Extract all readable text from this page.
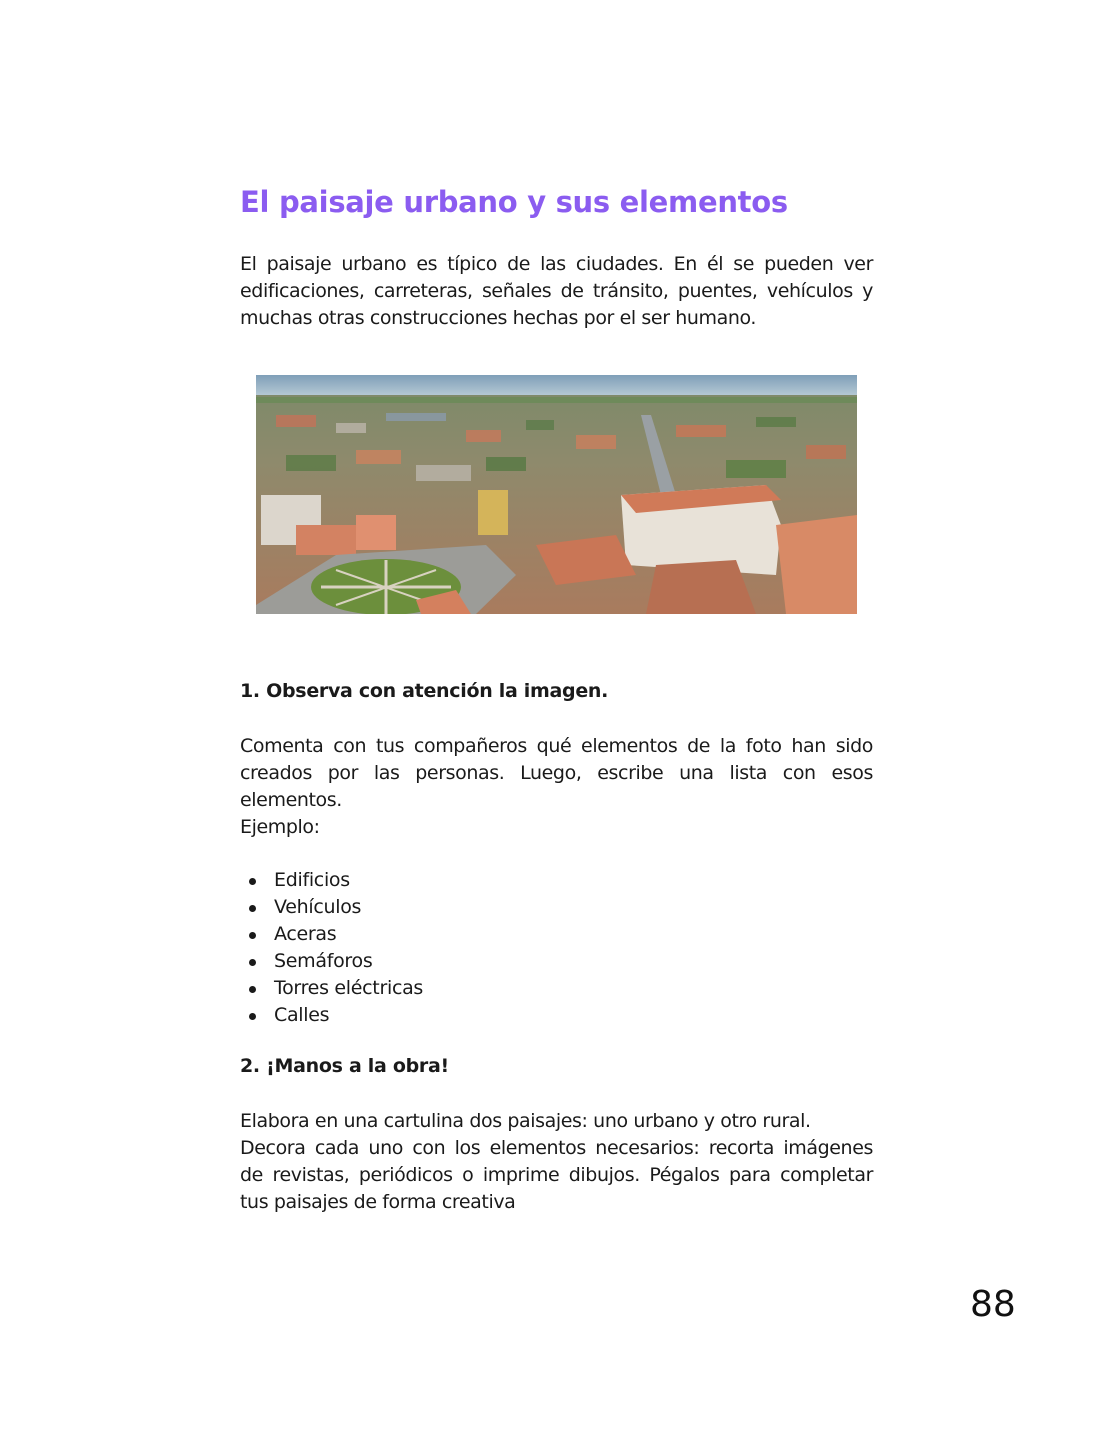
El paisaje urbano y sus elementos

El paisaje urbano es típico de las ciudades. En él se pueden ver
edificaciones, carreteras, señales de tránsito, puentes, vehículos y
muchas otras construcciones hechas por el ser humano.

1. Observa con atención la imagen.

Comenta con tus compañeros qué elementos de la foto han sido
creados por las personas. Luego, escribe una lista con esos
elementos.

Ejemplo:

Edificios
Vehículos
Aceras
Semáforos
Torres eléctricas
Calles

2. ¡Manos a la obra!

Elabora en una cartulina dos paisajes: uno urbano y otro rural.
Decora cada uno con los elementos necesarios: recorta imágenes
de revistas, periódicos o imprime dibujos. Pégalos para completar
tus paisajes de forma creativa

88
